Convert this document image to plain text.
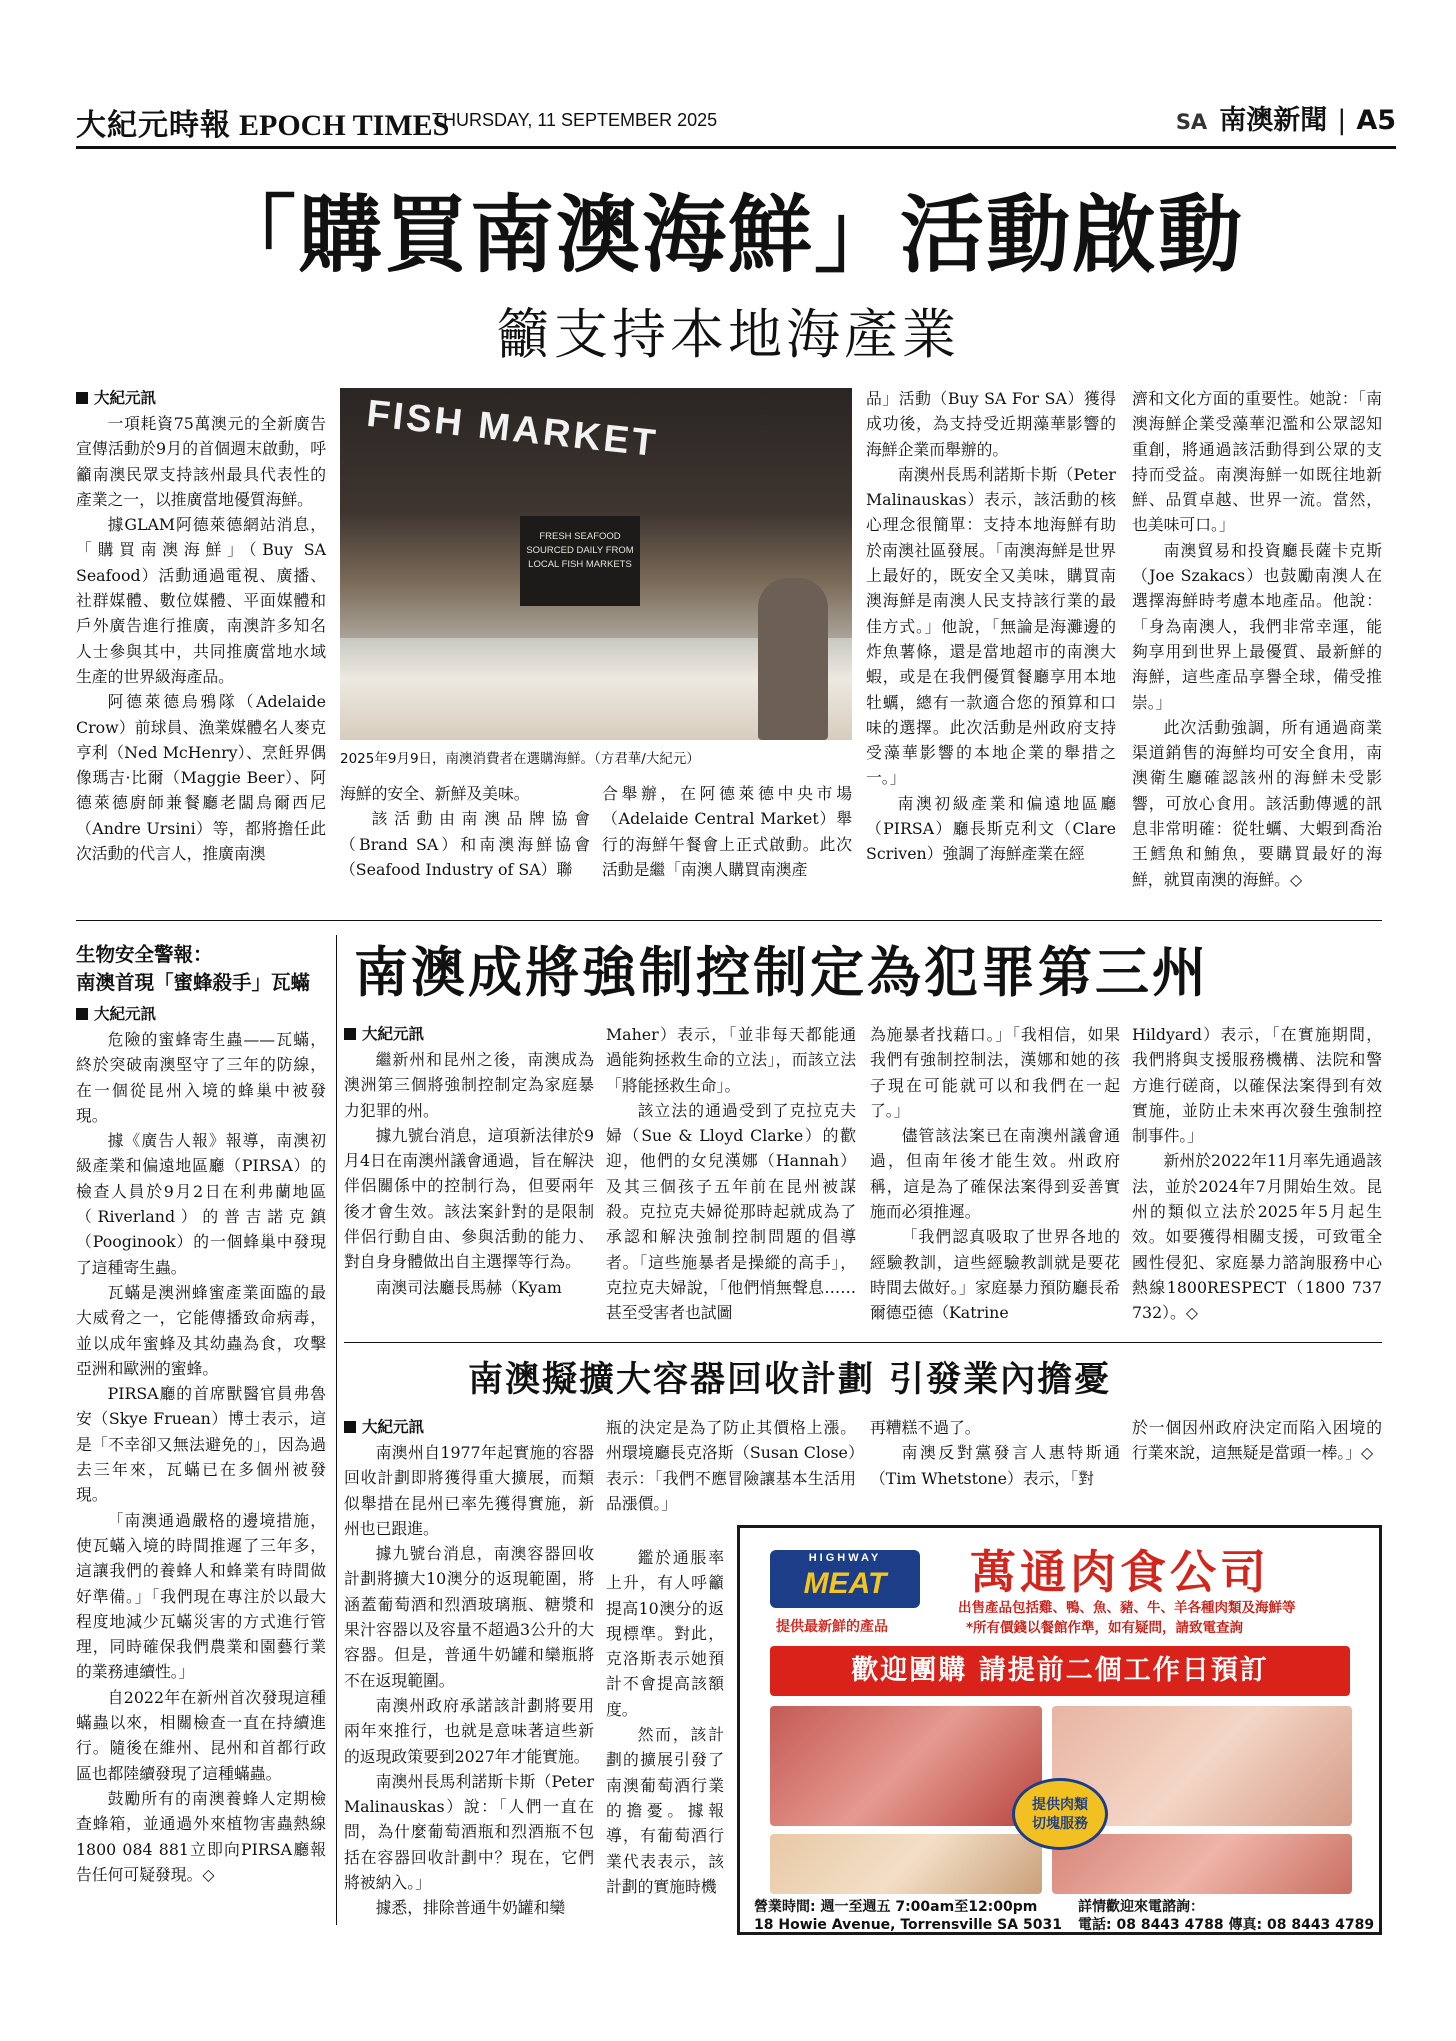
大紀元時報 EPOCH TIMES
THURSDAY, 11 SEPTEMBER 2025	SA 南澳新聞 | A5
「購買南澳海鮮」活動啟動
籲支持本地海產業
大紀元訊

一項耗資75萬澳元的全新廣告宣傳活動於9月的首個週末啟動，呼籲南澳民眾支持該州最具代表性的產業之一，以推廣當地優質海鮮。

據GLAM阿德萊德網站消息，「購買南澳海鮮」（Buy SA Seafood）活動通過電視、廣播、社群媒體、數位媒體、平面媒體和戶外廣告進行推廣，南澳許多知名人士參與其中，共同推廣當地水域生產的世界級海產品。

阿德萊德烏鴉隊（Adelaide Crow）前球員、漁業媒體名人麥克亨利（Ned McHenry）、烹飪界偶像瑪吉·比爾（Maggie Beer）、阿德萊德廚師兼餐廳老闆烏爾西尼（Andre Ursini）等，都將擔任此次活動的代言人，推廣南澳

FISH MARKET
FRESH SEAFOOD SOURCED DAILY FROM LOCAL FISH MARKETS
2025年9月9日，南澳消費者在選購海鮮。（方君華/大紀元）

海鮮的安全、新鮮及美味。

該活動由南澳品牌協會（Brand SA）和南澳海鮮協會（Seafood Industry of SA）聯

合舉辦，在阿德萊德中央市場（Adelaide Central Market）舉行的海鮮午餐會上正式啟動。此次活動是繼「南澳人購買南澳產

品」活動（Buy SA For SA）獲得成功後，為支持受近期藻華影響的海鮮企業而舉辦的。

南澳州長馬利諾斯卡斯（Peter Malinauskas）表示，該活動的核心理念很簡單：支持本地海鮮有助於南澳社區發展。「南澳海鮮是世界上最好的，既安全又美味，購買南澳海鮮是南澳人民支持該行業的最佳方式。」他說，「無論是海灘邊的炸魚薯條，還是當地超市的南澳大蝦，或是在我們優質餐廳享用本地牡蠣，總有一款適合您的預算和口味的選擇。此次活動是州政府支持受藻華影響的本地企業的舉措之一。」

南澳初級產業和偏遠地區廳（PIRSA）廳長斯克利文（Clare Scriven）強調了海鮮產業在經

濟和文化方面的重要性。她說：「南澳海鮮企業受藻華氾濫和公眾認知重創，將通過該活動得到公眾的支持而受益。南澳海鮮一如既往地新鮮、品質卓越、世界一流。當然，也美味可口。」

南澳貿易和投資廳長薩卡克斯（Joe Szakacs）也鼓勵南澳人在選擇海鮮時考慮本地產品。他說：「身為南澳人，我們非常幸運，能夠享用到世界上最優質、最新鮮的海鮮，這些產品享譽全球，備受推崇。」

此次活動強調，所有通過商業渠道銷售的海鮮均可安全食用，南澳衛生廳確認該州的海鮮未受影響，可放心食用。該活動傳遞的訊息非常明確：從牡蠣、大蝦到喬治王鱈魚和鮪魚，要購買最好的海鮮，就買南澳的海鮮。◇

生物安全警報：
南澳首現「蜜蜂殺手」瓦蟎
大紀元訊

危險的蜜蜂寄生蟲——瓦蟎，終於突破南澳堅守了三年的防線，在一個從昆州入境的蜂巢中被發現。

據《廣告人報》報導，南澳初級產業和偏遠地區廳（PIRSA）的檢查人員於9月2日在利弗蘭地區（Riverland）的普吉諾克鎮（Pooginook）的一個蜂巢中發現了這種寄生蟲。

瓦蟎是澳洲蜂蜜產業面臨的最大威脅之一，它能傳播致命病毒，並以成年蜜蜂及其幼蟲為食，攻擊亞洲和歐洲的蜜蜂。

PIRSA廳的首席獸醫官員弗魯安（Skye Fruean）博士表示，這是「不幸卻又無法避免的」，因為過去三年來，瓦蟎已在多個州被發現。

「南澳通過嚴格的邊境措施，使瓦蟎入境的時間推遲了三年多，這讓我們的養蜂人和蜂業有時間做好準備。」「我們現在專注於以最大程度地減少瓦蟎災害的方式進行管理，同時確保我們農業和園藝行業的業務連續性。」

自2022年在新州首次發現這種蟎蟲以來，相關檢查一直在持續進行。隨後在維州、昆州和首都行政區也都陸續發現了這種蟎蟲。

鼓勵所有的南澳養蜂人定期檢查蜂箱，並通過外來植物害蟲熱線1800 084 881立即向PIRSA廳報告任何可疑發現。◇

南澳成將強制控制定為犯罪第三州
大紀元訊

繼新州和昆州之後，南澳成為澳洲第三個將強制控制定為家庭暴力犯罪的州。

據九號台消息，這項新法律於9月4日在南澳州議會通過，旨在解決伴侶關係中的控制行為，但要兩年後才會生效。該法案針對的是限制伴侶行動自由、參與活動的能力、對自身身體做出自主選擇等行為。

南澳司法廳長馬赫（Kyam

Maher）表示，「並非每天都能通過能夠拯救生命的立法」，而該立法「將能拯救生命」。

該立法的通過受到了克拉克夫婦（Sue & Lloyd Clarke）的歡迎，他們的女兒漢娜（Hannah）及其三個孩子五年前在昆州被謀殺。克拉克夫婦從那時起就成為了承認和解決強制控制問題的倡導者。「這些施暴者是操縱的高手」，克拉克夫婦說，「他們悄無聲息……甚至受害者也試圖

為施暴者找藉口。」「我相信，如果我們有強制控制法，漢娜和她的孩子現在可能就可以和我們在一起了。」

儘管該法案已在南澳州議會通過，但南年後才能生效。州政府稱，這是為了確保法案得到妥善實施而必須推遲。

「我們認真吸取了世界各地的經驗教訓，這些經驗教訓就是要花時間去做好。」家庭暴力預防廳長希爾德亞德（Katrine

Hildyard）表示，「在實施期間，我們將與支援服務機構、法院和警方進行磋商，以確保法案得到有效實施，並防止未來再次發生強制控制事件。」

新州於2022年11月率先通過該法，並於2024年7月開始生效。昆州的類似立法於2025年5月起生效。如要獲得相關支援，可致電全國性侵犯、家庭暴力諮詢服務中心熱線1800RESPECT（1800 737 732）。◇

南澳擬擴大容器回收計劃 引發業內擔憂
大紀元訊

南澳州自1977年起實施的容器回收計劃即將獲得重大擴展，而類似舉措在昆州已率先獲得實施，新州也已跟進。

據九號台消息，南澳容器回收計劃將擴大10澳分的返現範圍，將涵蓋葡萄酒和烈酒玻璃瓶、糖漿和果汁容器以及容量不超過3公升的大容器。但是，普通牛奶罐和欒瓶將不在返現範圍。

南澳州政府承諾該計劃將要用兩年來推行，也就是意味著這些新的返現政策要到2027年才能實施。

南澳州長馬利諾斯卡斯（Peter Malinauskas）說：「人們一直在問，為什麼葡萄酒瓶和烈酒瓶不包括在容器回收計劃中？現在，它們將被納入。」

據悉，排除普通牛奶罐和欒

瓶的決定是為了防止其價格上漲。州環境廳長克洛斯（Susan Close）表示：「我們不應冒險讓基本生活用品漲價。」

鑑於通脹率上升，有人呼籲提高10澳分的返現標準。對此，克洛斯表示她預計不會提高該額度。

然而，該計劃的擴展引發了南澳葡萄酒行業的擔憂。據報導，有葡萄酒行業代表表示，該計劃的實施時機

再糟糕不過了。

南澳反對黨發言人惠特斯通（Tim Whetstone）表示，「對

於一個因州政府決定而陷入困境的行業來說，這無疑是當頭一棒。」◇

HIGHWAY
MEAT
提供最新鮮的產品
萬通肉食公司
出售產品包括雞、鴨、魚、豬、牛、羊各種肉類及海鮮等
*所有價錢以餐館作準，如有疑問，請致電查詢
歡迎團購 請提前二個工作日預訂
提供肉類
切塊服務
營業時間: 週一至週五 7:00am至12:00pm
18 Howie Avenue, Torrensville SA 5031
詳情歡迎來電諮詢：
電話: 08 8443 4788 傳真: 08 8443 4789
